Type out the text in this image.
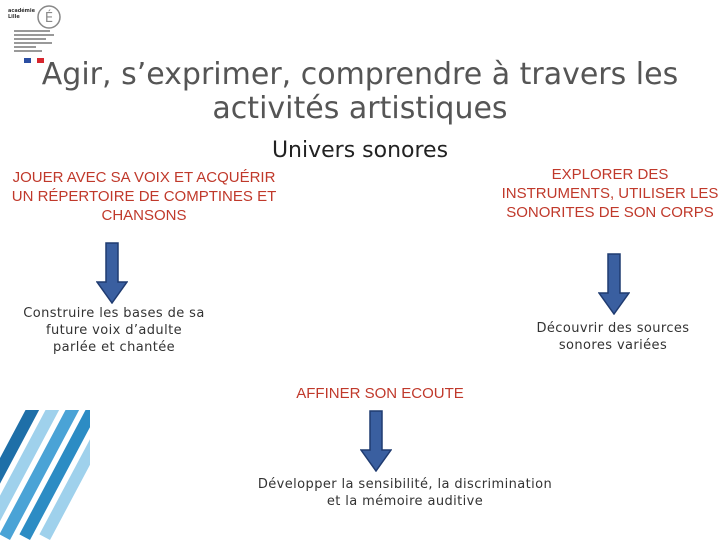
académie
Lille É
Agir, s’exprimer, comprendre à travers les activités artistiques
Univers sonores
JOUER AVEC SA VOIX ET ACQUÉRIR UN RÉPERTOIRE DE COMPTINES ET CHANSONS
EXPLORER DES INSTRUMENTS, UTILISER LES SONORITES DE SON CORPS
AFFINER SON ECOUTE
Construire les bases de sa future voix d’adulte parlée et chantée
Découvrir des sources sonores variées
Développer la sensibilité, la discrimination et la mémoire auditive
